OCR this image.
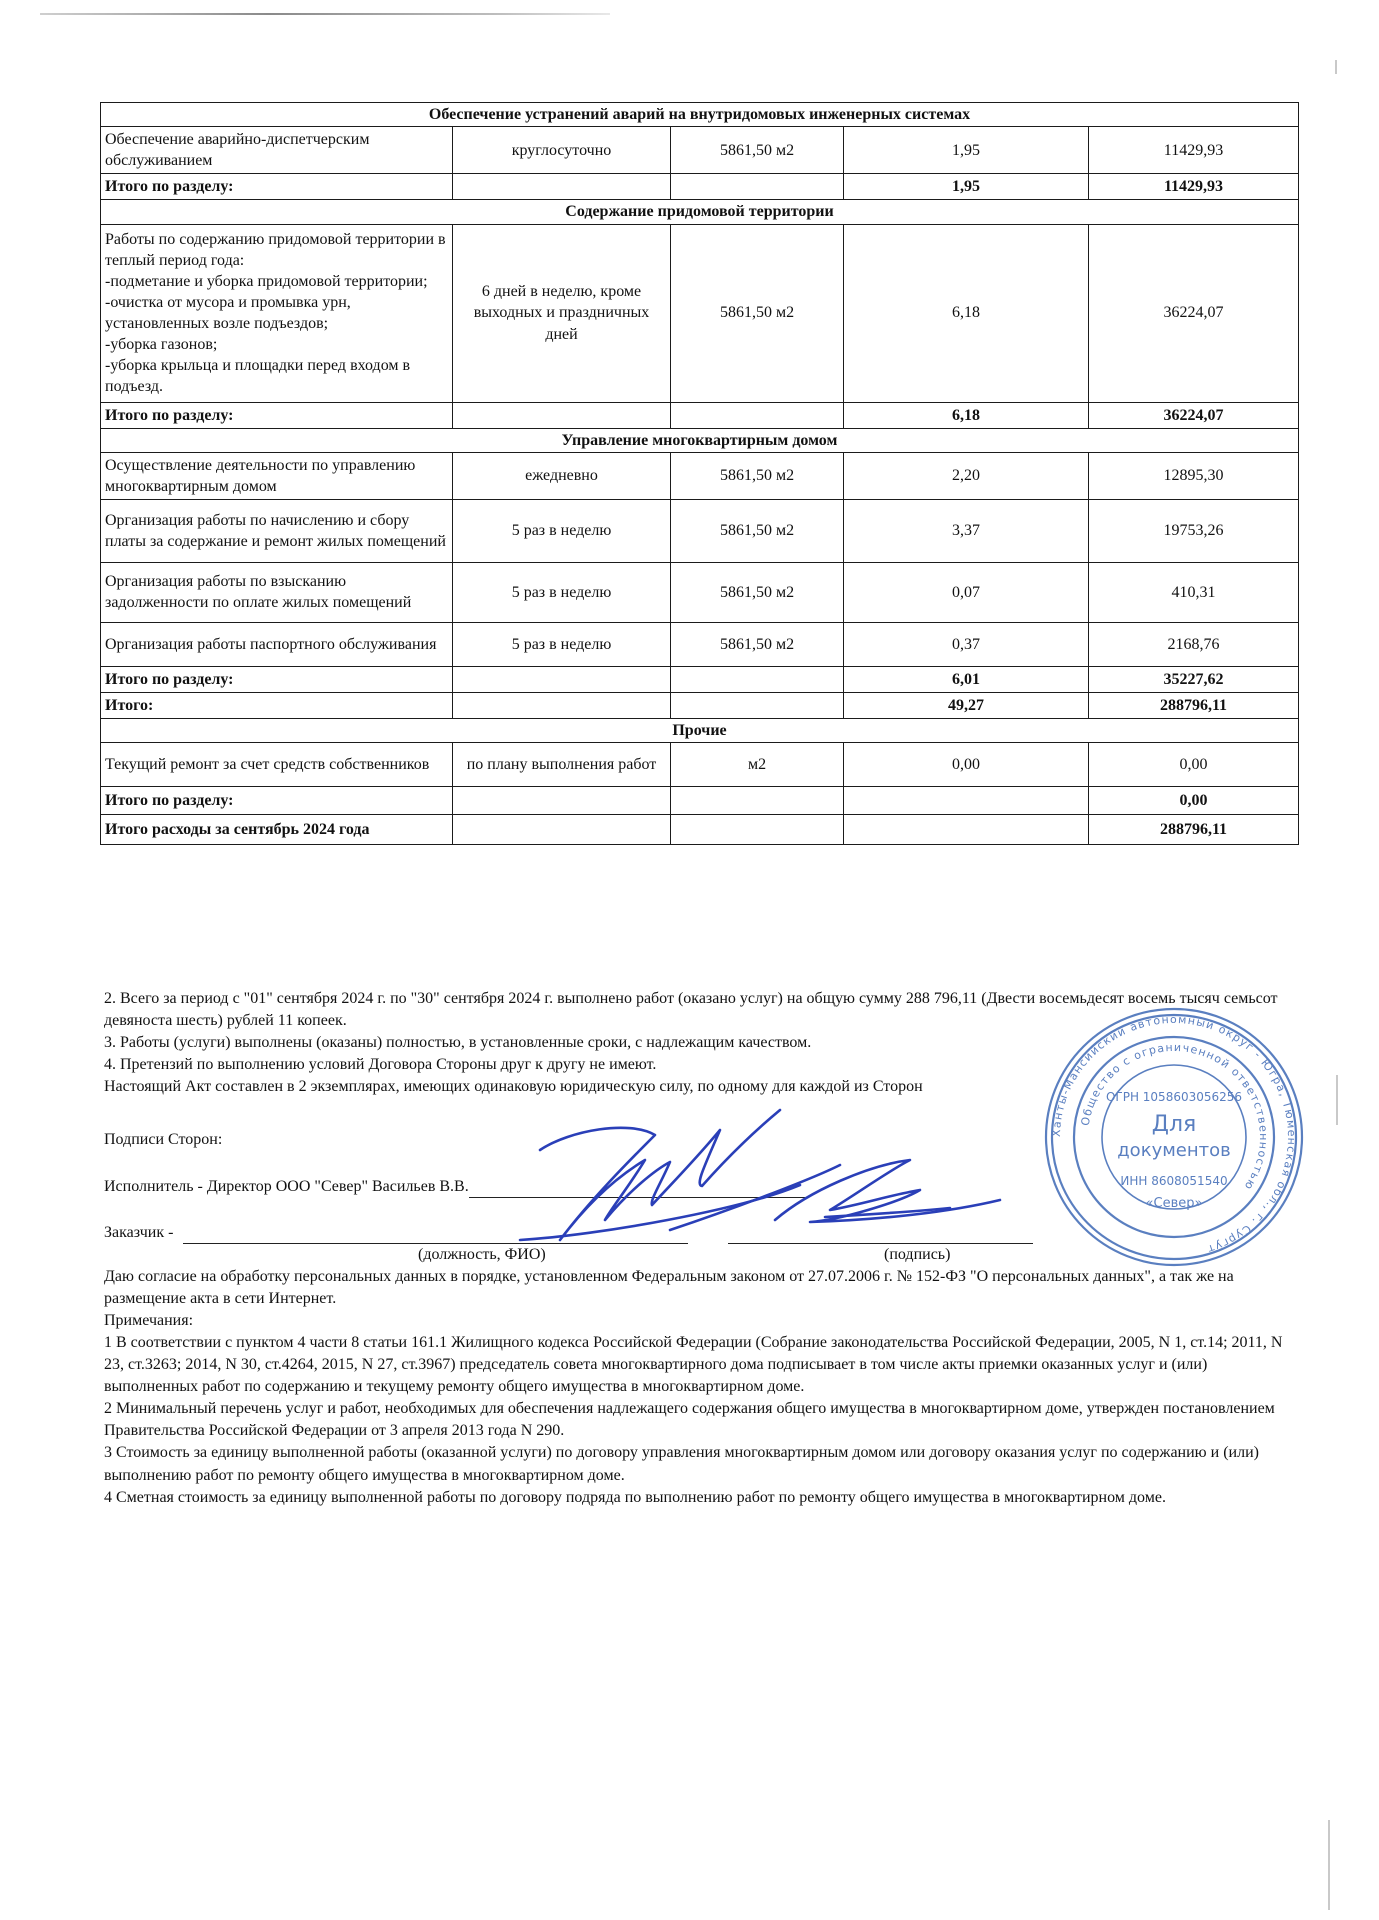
Обеспечение устранений аварий на внутридомовых инженерных системах				
Обеспечение аварийно-диспетчерским обслуживанием	круглосуточно	5861,50 м2	1,95	11429,93
Итого по разделу:			1,95	11429,93
Содержание придомовой территории				
Работы по содержанию придомовой территории в теплый период года:
-подметание и уборка придомовой территории;
-очистка от мусора и промывка урн, установленных возле подъездов;
-уборка газонов;
-уборка крыльца и площадки перед входом в подъезд.	6 дней в неделю, кроме выходных и праздничных дней	5861,50 м2	6,18	36224,07
Итого по разделу:			6,18	36224,07
Управление многоквартирным домом				
Осуществление деятельности по управлению многоквартирным домом	ежедневно	5861,50 м2	2,20	12895,30
Организация работы по начислению и сбору платы за содержание и ремонт жилых помещений	5 раз в неделю	5861,50 м2	3,37	19753,26
Организация работы по взысканию задолженности по оплате жилых помещений	5 раз в неделю	5861,50 м2	0,07	410,31
Организация работы паспортного обслуживания	5 раз в неделю	5861,50 м2	0,37	2168,76
Итого по разделу:			6,01	35227,62
Итого:			49,27	288796,11
Прочие				
Текущий ремонт за счет средств собственников	по плану выполнения работ	м2	0,00	0,00
Итого по разделу:				0,00
Итого расходы за сентябрь 2024 года				288796,11

2. Всего за период с "01" сентября 2024 г. по "30" сентября 2024 г. выполнено работ (оказано услуг) на общую сумму 288 796,11 (Двести восемьдесят восемь тысяч семьсот девяноста шесть) рублей 11 копеек.

3. Работы (услуги) выполнены (оказаны) полностью, в установленные сроки, с надлежащим качеством.

4. Претензий по выполнению условий Договора Стороны друг к другу не имеют.

Настоящий Акт составлен в 2 экземплярах, имеющих одинаковую юридическую силу, по одному для каждой из Сторон

Подписи Сторон:
Исполнитель - Директор ООО "Север" Васильев В.В.
Заказчик -
(должность, ФИО)	(подпись)
Даю согласие на обработку персональных данных в порядке, установленном Федеральным законом от 27.07.2006 г. № 152-ФЗ "О персональных данных", а так же на размещение акта в сети Интернет.
Примечания:
1 В соответствии с пунктом 4 части 8 статьи 161.1 Жилищного кодекса Российской Федерации (Собрание законодательства Российской Федерации, 2005, N 1, ст.14; 2011, N 23, ст.3263; 2014, N 30, ст.4264, 2015, N 27, ст.3967) председатель совета многоквартирного дома подписывает в том числе акты приемки оказанных услуг и (или) выполненных работ по содержанию и текущему ремонту общего имущества в многоквартирном доме.
2 Минимальный перечень услуг и работ, необходимых для обеспечения надлежащего содержания общего имущества в многоквартирном доме, утвержден постановлением Правительства Российской Федерации от 3 апреля 2013 года N 290.
3 Стоимость за единицу выполненной работы (оказанной услуги) по договору управления многоквартирным домом или договору оказания услуг по содержанию и (или) выполнению работ по ремонту общего имущества в многоквартирном доме.
4 Сметная стоимость за единицу выполненной работы по договору подряда по выполнению работ по ремонту общего имущества в многоквартирном доме.
Ханты-Мансийский автономный округ - Югра, Тюменская обл., г. Сургут
Общество с ограниченной ответственностью
ОГРН 1058603056256
Для
документов
ИНН 8608051540
«Север»
